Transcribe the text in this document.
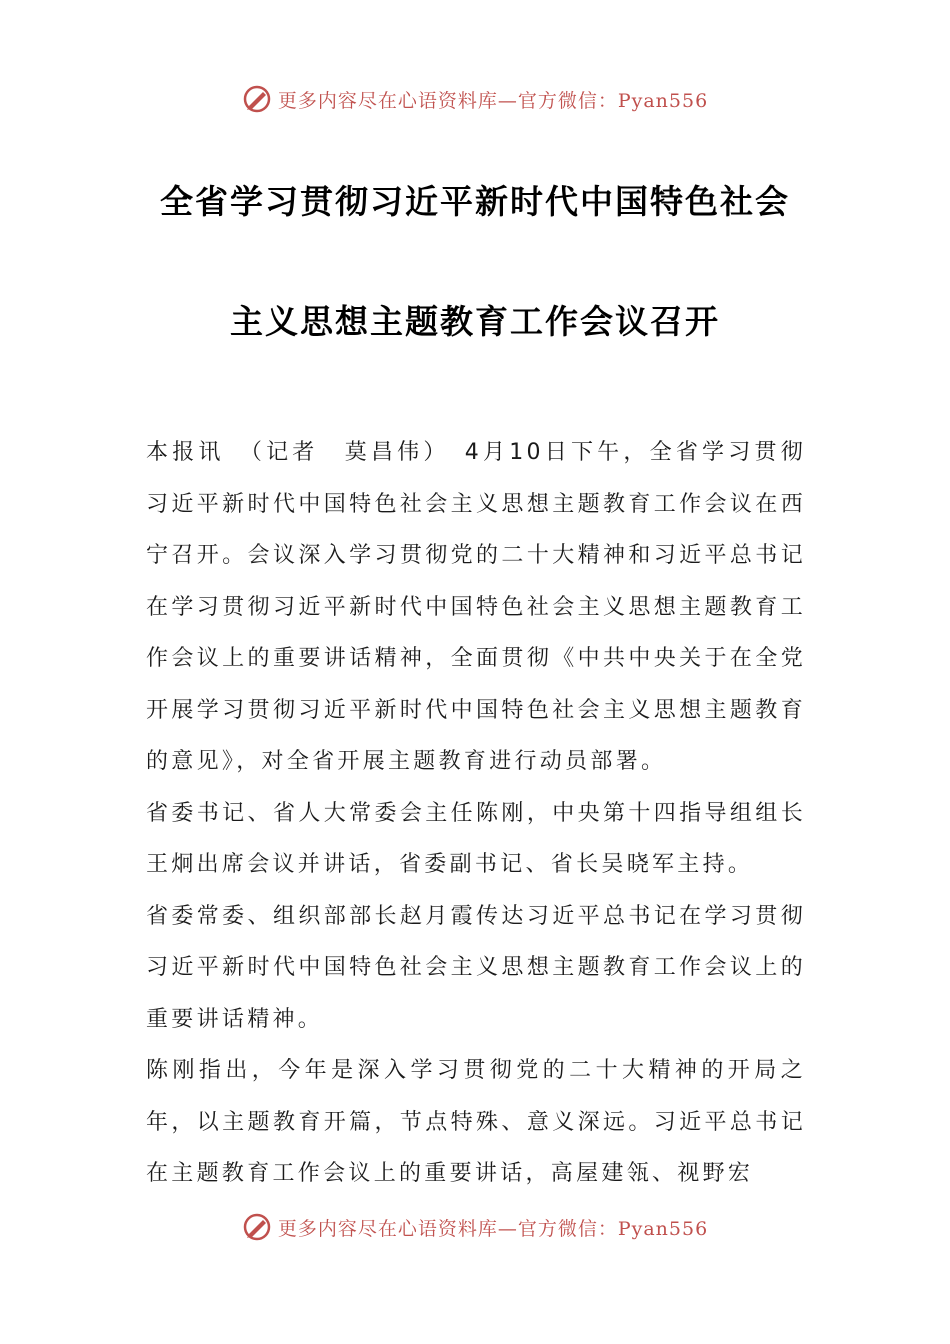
更多内容尽在心语资料库—官方微信：Pyan556
全省学习贯彻习近平新时代中国特色社会
主义思想主题教育工作会议召开

本报讯　（记者　莫昌伟）　4月10日下午，全省学习贯彻习近平新时代中国特色社会主义思想主题教育工作会议在西宁召开。会议深入学习贯彻党的二十大精神和习近平总书记在学习贯彻习近平新时代中国特色社会主义思想主题教育工作会议上的重要讲话精神，全面贯彻《中共中央关于在全党开展学习贯彻习近平新时代中国特色社会主义思想主题教育的意见》，对全省开展主题教育进行动员部署。

省委书记、省人大常委会主任陈刚，中央第十四指导组组长王炯出席会议并讲话，省委副书记、省长吴晓军主持。

省委常委、组织部部长赵月霞传达习近平总书记在学习贯彻习近平新时代中国特色社会主义思想主题教育工作会议上的重要讲话精神。

陈刚指出，今年是深入学习贯彻党的二十大精神的开局之年，以主题教育开篇，节点特殊、意义深远。习近平总书记在主题教育工作会议上的重要讲话，高屋建瓴、视野宏

更多内容尽在心语资料库—官方微信：Pyan556
